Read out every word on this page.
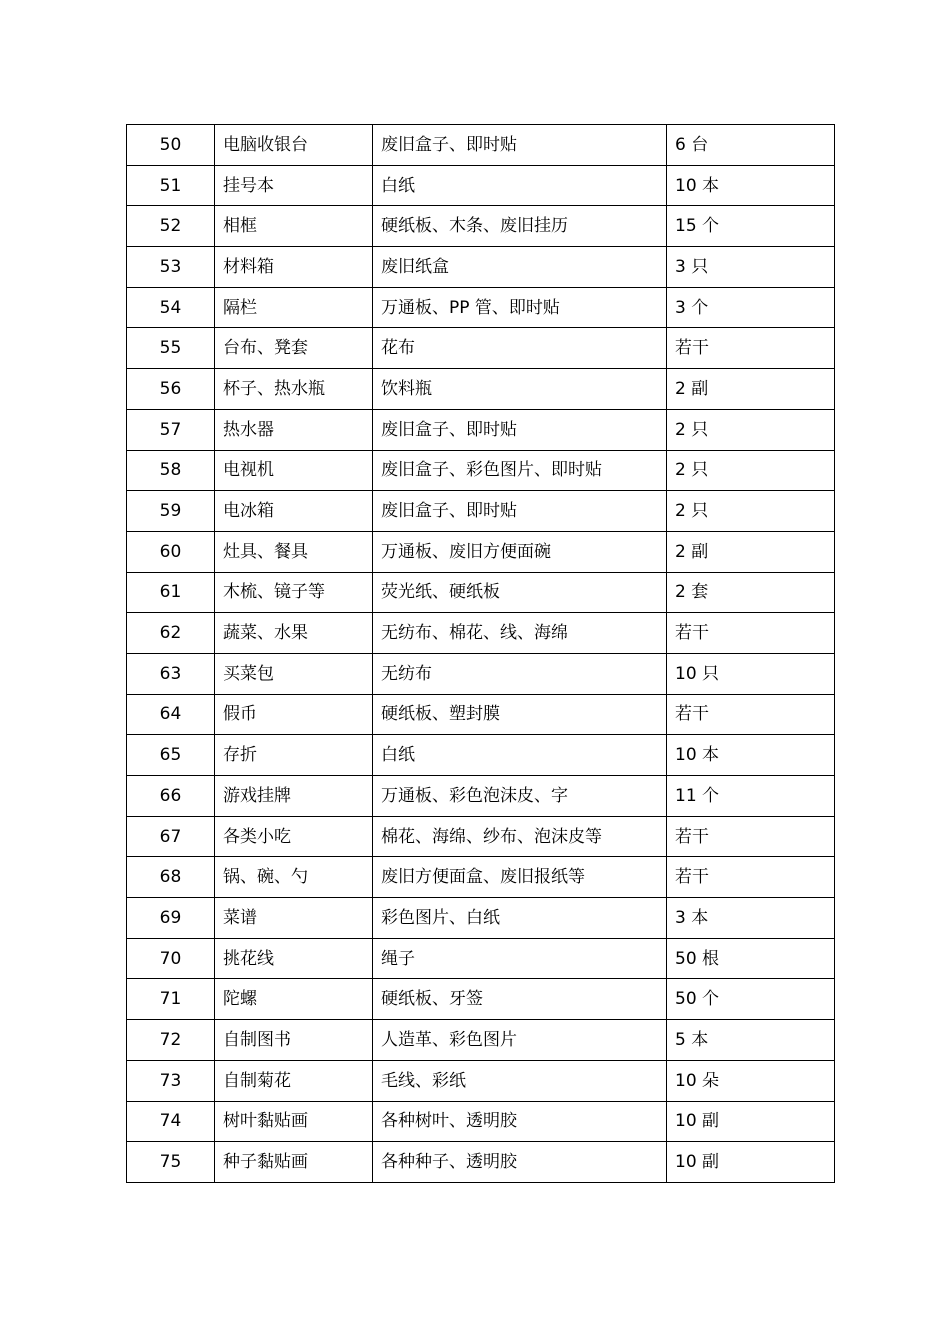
50	电脑收银台	废旧盒子、即时贴	6 台
51	挂号本	白纸	10 本
52	相框	硬纸板、木条、废旧挂历	15 个
53	材料箱	废旧纸盒	3 只
54	隔栏	万通板、PP 管、即时贴	3 个
55	台布、凳套	花布	若干
56	杯子、热水瓶	饮料瓶	2 副
57	热水器	废旧盒子、即时贴	2 只
58	电视机	废旧盒子、彩色图片、即时贴	2 只
59	电冰箱	废旧盒子、即时贴	2 只
60	灶具、餐具	万通板、废旧方便面碗	2 副
61	木梳、镜子等	荧光纸、硬纸板	2 套
62	蔬菜、水果	无纺布、棉花、线、海绵	若干
63	买菜包	无纺布	10 只
64	假币	硬纸板、塑封膜	若干
65	存折	白纸	10 本
66	游戏挂牌	万通板、彩色泡沫皮、字	11 个
67	各类小吃	棉花、海绵、纱布、泡沫皮等	若干
68	锅、碗、勺	废旧方便面盒、废旧报纸等	若干
69	菜谱	彩色图片、白纸	3 本
70	挑花线	绳子	50 根
71	陀螺	硬纸板、牙签	50 个
72	自制图书	人造革、彩色图片	5 本
73	自制菊花	毛线、彩纸	10 朵
74	树叶黏贴画	各种树叶、透明胶	10 副
75	种子黏贴画	各种种子、透明胶	10 副
